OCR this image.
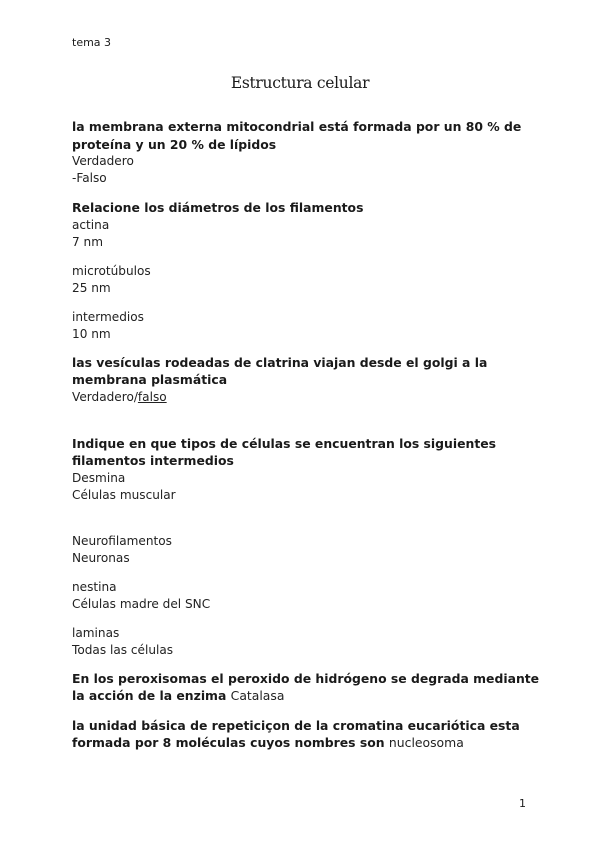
tema 3
Estructura celular

la membrana externa mitocondrial está formada por un 80 % de proteína y un 20 % de lípidos

Verdadero

-Falso

Relacione los diámetros de los filamentos

actina

7 nm

microtúbulos

25 nm

intermedios

10 nm

las vesículas rodeadas de clatrina viajan desde el golgi a la membrana plasmática

Verdadero/falso

Indique en que tipos de células se encuentran los siguientes filamentos intermedios

Desmina

Células muscular

Neurofilamentos

Neuronas

nestina

Células madre del SNC

laminas

Todas las células

En los peroxisomas el peroxido de hidrógeno se degrada mediante la acción de la enzima Catalasa

la unidad básica de repeticiçon de la cromatina eucariótica esta formada por 8 moléculas cuyos nombres son nucleosoma

1
